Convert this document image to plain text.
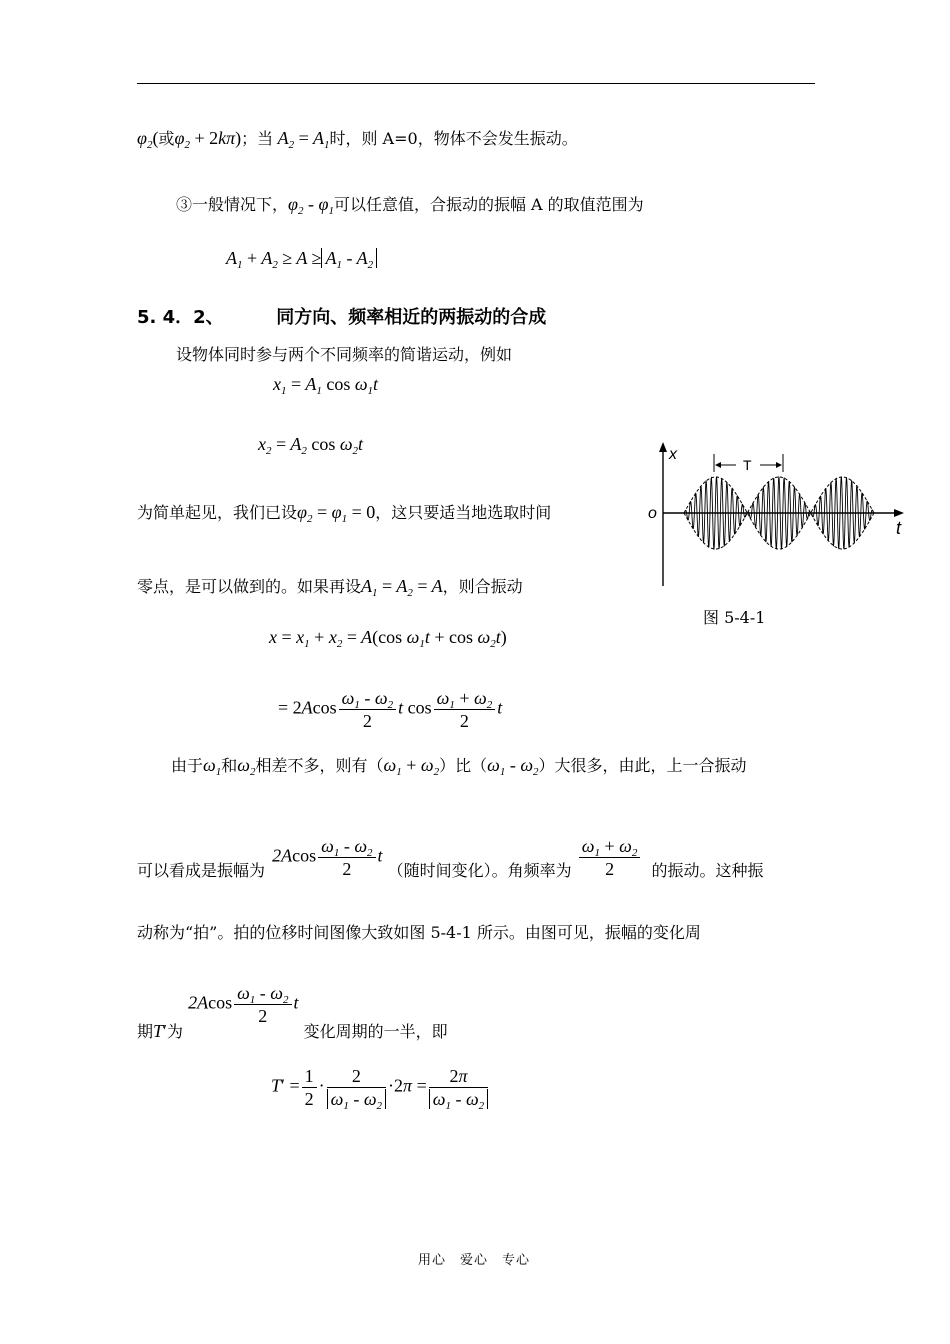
$\varphi_2$(或$\varphi_2 + 2k\pi$)；当 $A_2 = A_1$时，则 A=0，物体不会发生振动。
③一般情况下，$\varphi_2 - \varphi_1$可以任意值，合振动的振幅 A 的取值范围为
$A_1 + A_2 \ge A \ge A_1 - A_2$
5. 4．2、	同方向、频率相近的两振动的合成
设物体同时参与两个不同频率的简谐运动，例如
$x_1 = A_1$ $\cos \omega_1t$
$x_2 = A_2$ $\cos \omega_2t$
为简单起见，我们已设$\varphi_2 = \varphi_1 = 0$，这只要适当地选取时间
零点，是可以做到的。如果再设$A_1 = A_2 = A$，则合振动
$x = x_1 + x_2 = A(\cos$ $\omega_1t + \cos \omega_2t$)
= $2Acos \frac{\omega_1 - \omega_2}{2}$ t $\cos \frac{\omega_1 + \omega_2}{2}$ t
由于$\omega_1$和$\omega_2$相差不多，则有$(\omega_1 + \omega_2)$比$(\omega_1 - \omega_2)$大很多，由此，上一合振动
可以看成是振幅为 $2Acos \frac{\omega_1 - \omega_2}{2}$ t （随时间变化）。角频率为 $\frac{\omega_1 + \omega_2}{2}$ 的振动。这种振
动称为“拍”。拍的位移时间图像大致如图 5-4-1 所示。由图可见，振幅的变化周
期T′为 $2Acos \frac{\omega_1 - \omega_2}{2}$ t 变化周期的一半，即
$T' = \frac{1}{2} \cdot \frac{2}{\omega_1 - \omega_2} \cdot 2\pi = \frac{2\pi}{\omega_1 - \omega_2}$
x
o
t
T
图 5-4-1
用心　爱心　专心
